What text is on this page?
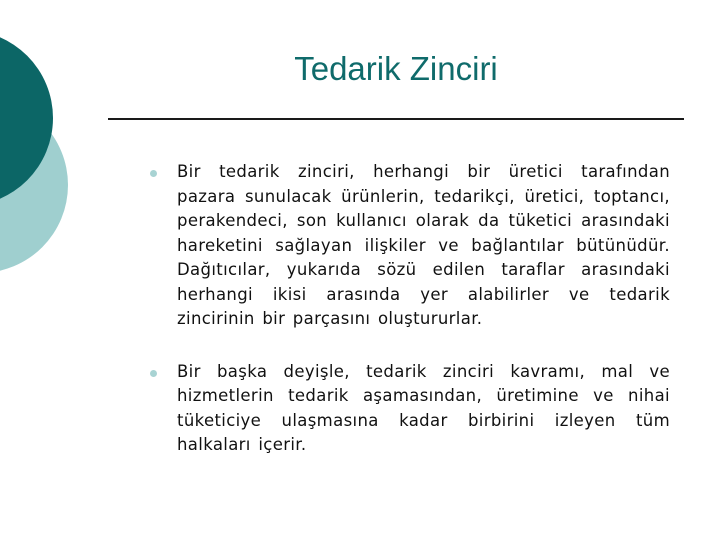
Tedarik Zinciri
Bir tedarik zinciri, herhangi bir üretici tarafından pazara sunulacak ürünlerin, tedarikçi, üretici, toptancı, perakendeci, son kullanıcı olarak da tüketici arasındaki hareketini sağlayan ilişkiler ve bağlantılar bütünüdür. Dağıtıcılar, yukarıda sözü edilen taraflar arasındaki herhangi ikisi arasında yer alabilirler ve tedarik zincirinin bir parçasını oluştururlar.
Bir başka deyişle, tedarik zinciri kavramı, mal ve hizmetlerin tedarik aşamasından, üretimine ve nihai tüketiciye ulaşmasına kadar birbirini izleyen tüm halkaları içerir.
